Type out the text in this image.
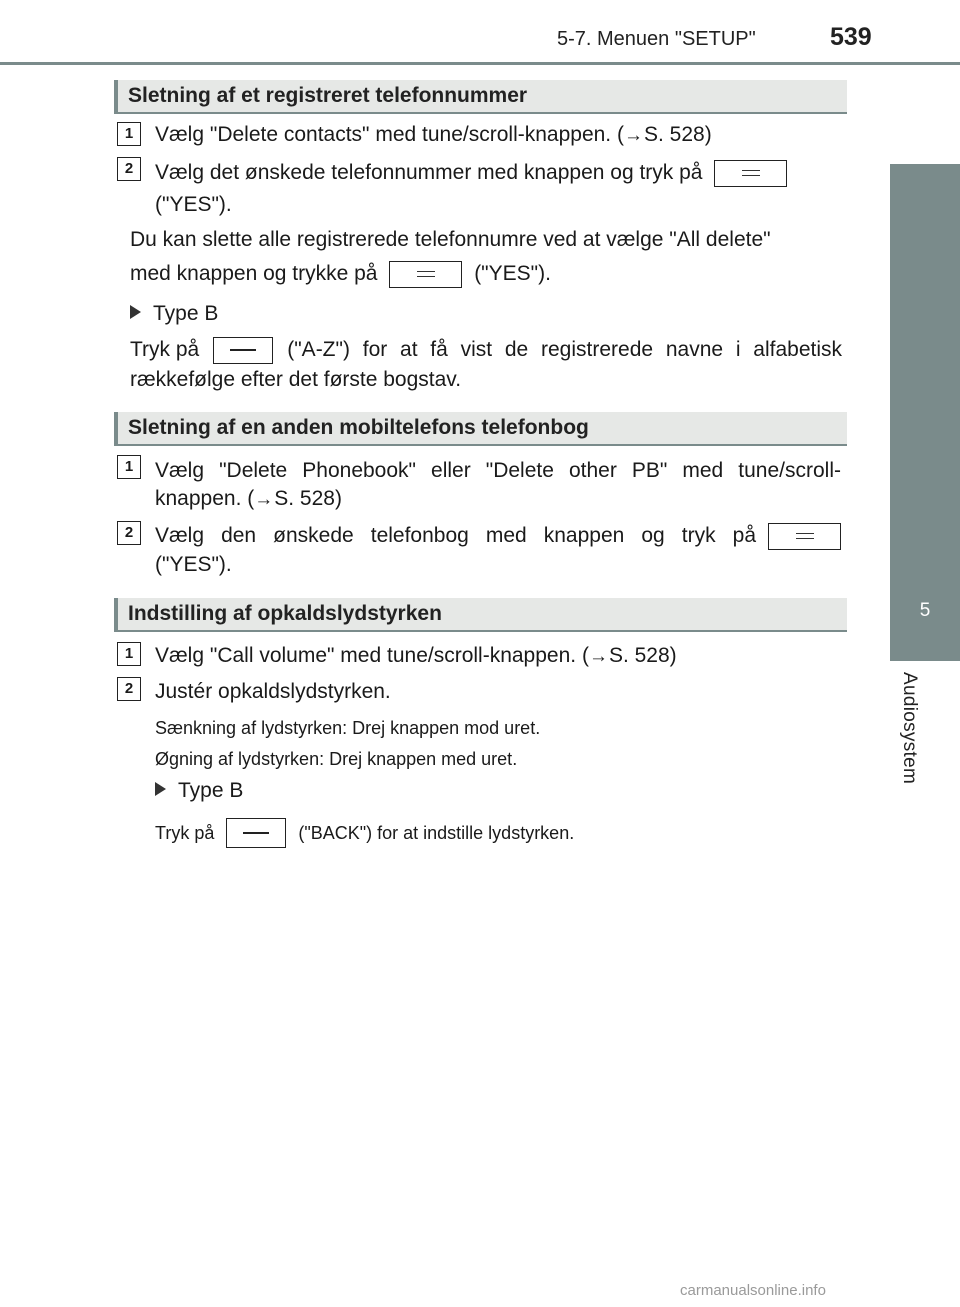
5-7. Menuen "SETUP"	539
5
Audiosystem
Sletning af et registreret telefonnummer
1	Vælg "Delete contacts" med tune/scroll-knappen. (→S. 528)
2	Vælg det ønskede telefonnummer med knappen og tryk på
("YES").
Du kan slette alle registrerede telefonnumre ved at vælge "All delete"
med knappen og trykke på	("YES").
Type B
Tryk på	("A-Z") for at få vist de registrerede navne i alfabetisk
rækkefølge efter det første bogstav.
Sletning af en anden mobiltelefons telefonbog
1	Vælg "Delete Phonebook" eller "Delete other PB" med tune/scroll-
knappen. (→S. 528)
2	Vælg den ønskede telefonbog med knappen og tryk på
("YES").
Indstilling af opkaldslydstyrken
1	Vælg "Call volume" med tune/scroll-knappen. (→S. 528)
2	Justér opkaldslydstyrken.
Sænkning af lydstyrken: Drej knappen mod uret.
Øgning af lydstyrken: Drej knappen med uret.
Type B
Tryk på	("BACK") for at indstille lydstyrken.
carmanualsonline.info
